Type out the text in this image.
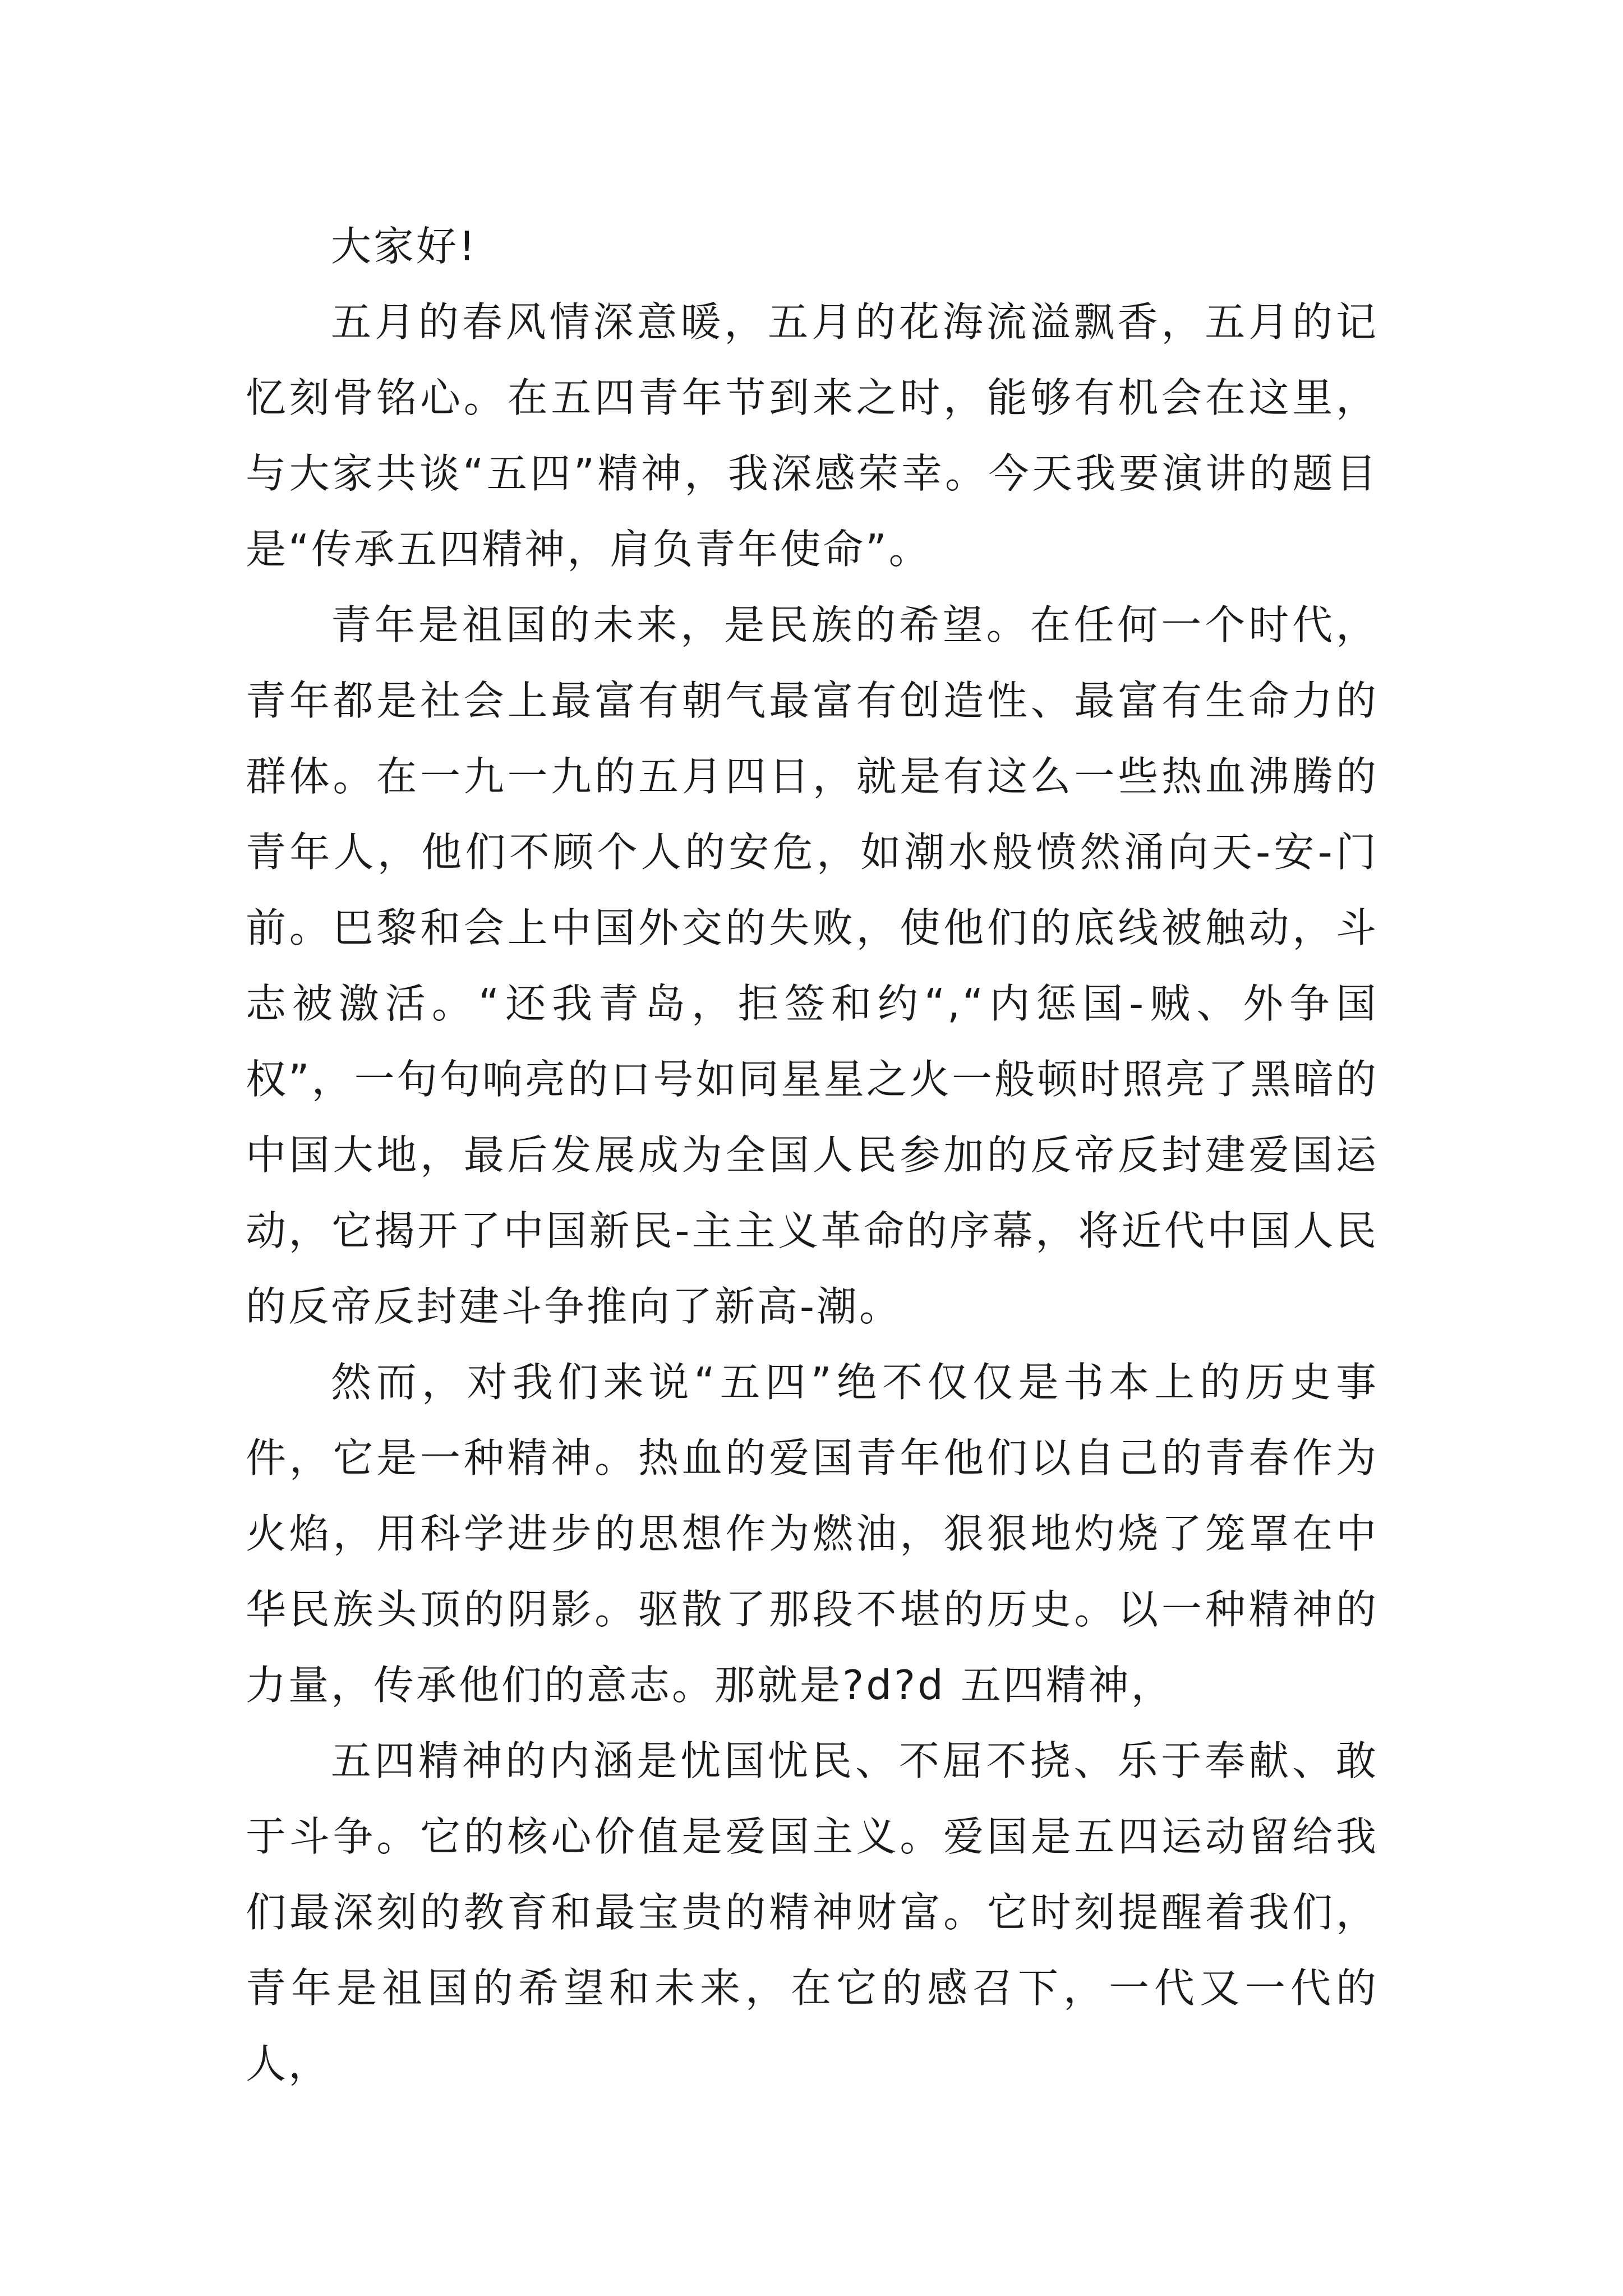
大家好!

五月的春风情深意暖，五月的花海流溢飘香，五月的记忆刻骨铭心。在五四青年节到来之时，能够有机会在这里，与大家共谈“五四”精神，我深感荣幸。今天我要演讲的题目是“传承五四精神，肩负青年使命”。

青年是祖国的未来，是民族的希望。在任何一个时代，青年都是社会上最富有朝气最富有创造性、最富有生命力的群体。在一九一九的五月四日，就是有这么一些热血沸腾的青年人，他们不顾个人的安危，如潮水般愤然涌向天-安-门前。巴黎和会上中国外交的失败，使他们的底线被触动，斗志被激活。“还我青岛，拒签和约“,“内惩国-贼、外争国权”，一句句响亮的口号如同星星之火一般顿时照亮了黑暗的中国大地，最后发展成为全国人民参加的反帝反封建爱国运动，它揭开了中国新民-主主义革命的序幕，将近代中国人民的反帝反封建斗争推向了新高-潮。

然而，对我们来说“五四”绝不仅仅是书本上的历史事件，它是一种精神。热血的爱国青年他们以自己的青春作为火焰，用科学进步的思想作为燃油，狠狠地灼烧了笼罩在中华民族头顶的阴影。驱散了那段不堪的历史。以一种精神的力量，传承他们的意志。那就是?d?d 五四精神，

五四精神的内涵是忧国忧民、不屈不挠、乐于奉献、敢于斗争。它的核心价值是爱国主义。爱国是五四运动留给我们最深刻的教育和最宝贵的精神财富。它时刻提醒着我们，青年是祖国的希望和未来，在它的感召下，一代又一代的人，
